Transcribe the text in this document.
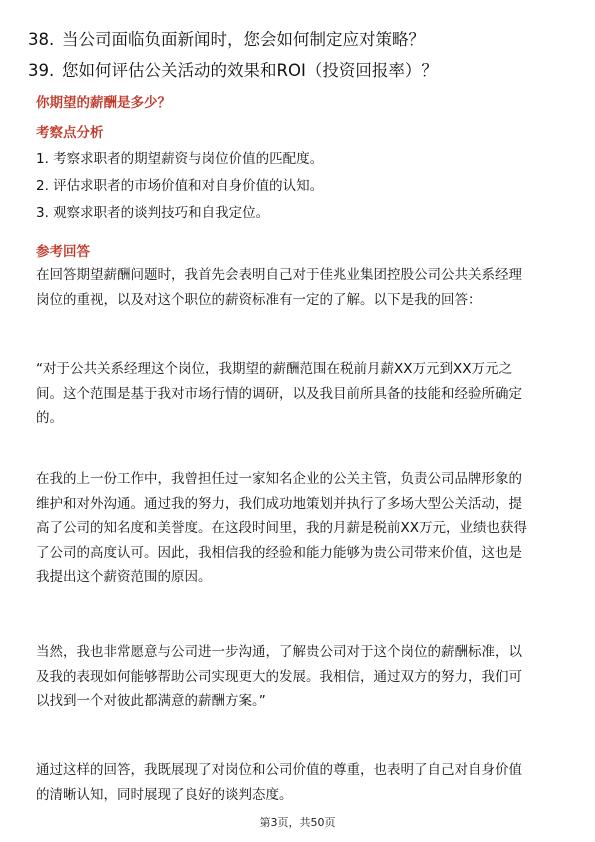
38. 当公司面临负面新闻时，您会如何制定应对策略？
39. 您如何评估公关活动的效果和ROI（投资回报率）？
你期望的薪酬是多少？
考察点分析
1. 考察求职者的期望薪资与岗位价值的匹配度。
2. 评估求职者的市场价值和对自身价值的认知。
3. 观察求职者的谈判技巧和自我定位。
参考回答

在回答期望薪酬问题时，我首先会表明自己对于佳兆业集团控股公司公共关系经理
岗位的重视，以及对这个职位的薪资标准有一定的了解。以下是我的回答：

“对于公共关系经理这个岗位，我期望的薪酬范围在税前月薪XX万元到XX万元之
间。这个范围是基于我对市场行情的调研，以及我目前所具备的技能和经验所确定
的。

在我的上一份工作中，我曾担任过一家知名企业的公关主管，负责公司品牌形象的
维护和对外沟通。通过我的努力，我们成功地策划并执行了多场大型公关活动，提
高了公司的知名度和美誉度。在这段时间里，我的月薪是税前XX万元，业绩也获得
了公司的高度认可。因此，我相信我的经验和能力能够为贵公司带来价值，这也是
我提出这个薪资范围的原因。

当然，我也非常愿意与公司进一步沟通，了解贵公司对于这个岗位的薪酬标准，以
及我的表现如何能够帮助公司实现更大的发展。我相信，通过双方的努力，我们可
以找到一个对彼此都满意的薪酬方案。”

通过这样的回答，我既展现了对岗位和公司价值的尊重，也表明了自己对自身价值
的清晰认知，同时展现了良好的谈判态度。

第3页，共50页
